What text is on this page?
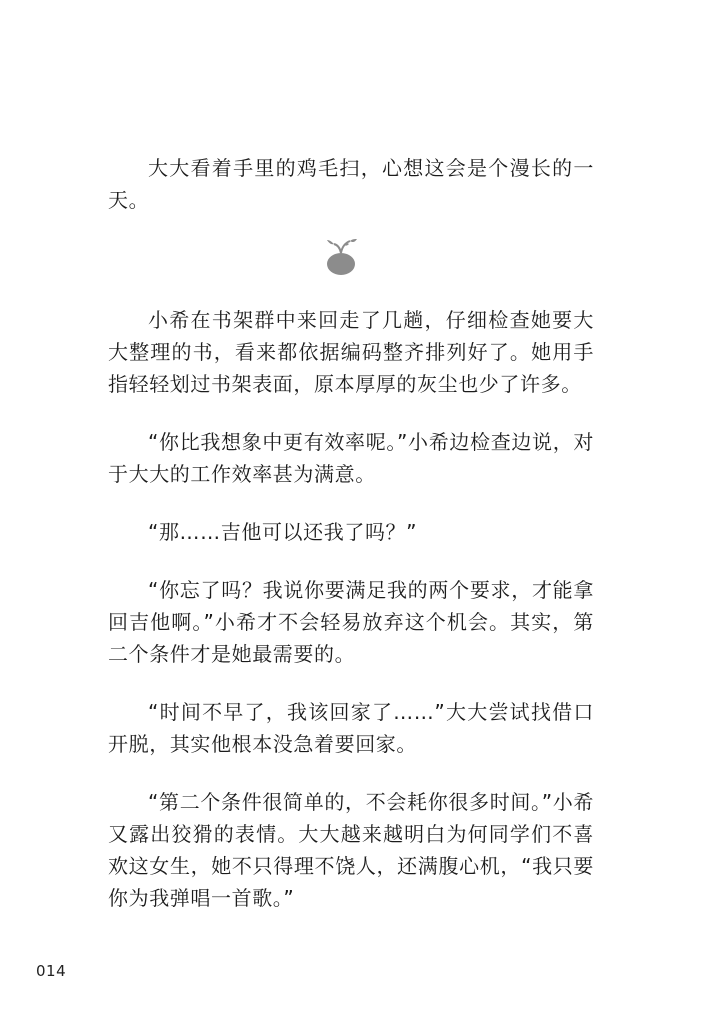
大大看着手里的鸡毛扫，心想这会是个漫长的一天。

小希在书架群中来回走了几趟，仔细检查她要大大整理的书，看来都依据编码整齐排列好了。她用手指轻轻划过书架表面，原本厚厚的灰尘也少了许多。

“你比我想象中更有效率呢。”小希边检查边说，对于大大的工作效率甚为满意。

“那……吉他可以还我了吗？”

“你忘了吗？我说你要满足我的两个要求，才能拿回吉他啊。”小希才不会轻易放弃这个机会。其实，第二个条件才是她最需要的。

“时间不早了，我该回家了……”大大尝试找借口开脱，其实他根本没急着要回家。

“第二个条件很简单的，不会耗你很多时间。”小希又露出狡猾的表情。大大越来越明白为何同学们不喜欢这女生，她不只得理不饶人，还满腹心机，“我只要你为我弹唱一首歌。”

014
